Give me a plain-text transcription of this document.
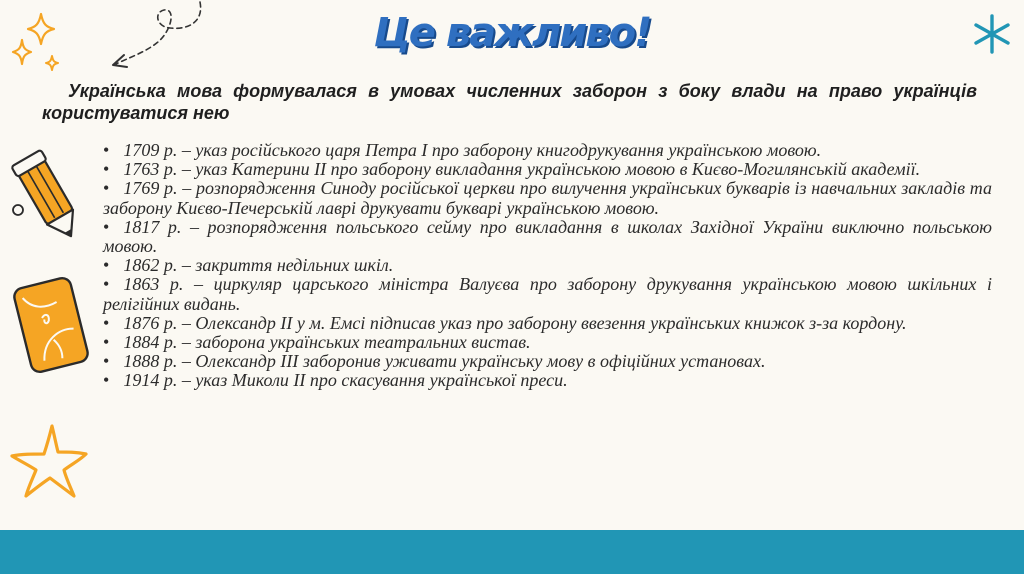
Це важливо!
Українська мова формувалася в умовах численних заборон з боку влади на право українців користуватися нею
• 1709 р. – указ російського царя Петра I про заборону книгодрукування українською мовою.
• 1763 р. – указ Катерини II про заборону викладання українською мовою в Києво-Могилянській академії.
• 1769 р. – розпорядження Синоду російської церкви про вилучення українських букварів із навчальних закладів та заборону Києво-Печерській лаврі друкувати букварі українською мовою.
• 1817 р. – розпорядження польського сейму про викладання в школах Західної України виключно польською мовою.
• 1862 р. – закриття недільних шкіл.
• 1863 р. – циркуляр царського міністра Валуєва про заборону друкування українською мовою шкільних і релігійних видань.
• 1876 р. – Олександр II у м. Емсі підписав указ про заборону ввезення українських книжок з-за кордону.
• 1884 р. – заборона українських театральних вистав.
• 1888 р. – Олександр III заборонив уживати українську мову в офіційних установах.
• 1914 р. – указ Миколи II про скасування української преси.
